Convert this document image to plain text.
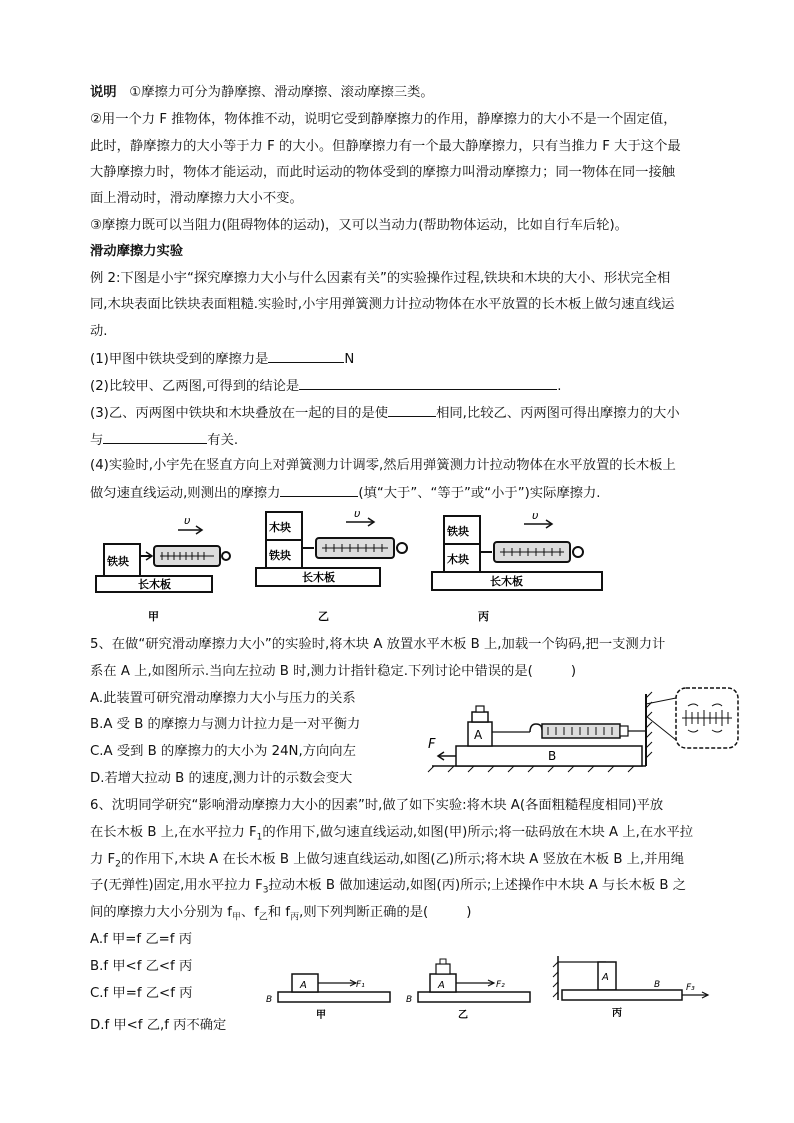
说明 ①摩擦力可分为静摩擦、滑动摩擦、滚动摩擦三类。
②用一个力 F 推物体，物体推不动，说明它受到静摩擦力的作用，静摩擦力的大小不是一个固定值，
此时，静摩擦力的大小等于力 F 的大小。但静摩擦力有一个最大静摩擦力，只有当推力 F 大于这个最
大静摩擦力时，物体才能运动，而此时运动的物体受到的摩擦力叫滑动摩擦力；同一物体在同一接触
面上滑动时，滑动摩擦力大小不变。
③摩擦力既可以当阻力(阻碍物体的运动)，又可以当动力(帮助物体运动，比如自行车后轮)。
滑动摩擦力实验
例 2:下图是小宇“探究摩擦力大小与什么因素有关”的实验操作过程,铁块和木块的大小、形状完全相
同,木块表面比铁块表面粗糙.实验时,小宇用弹簧测力计拉动物体在水平放置的长木板上做匀速直线运
动.
(1)甲图中铁块受到的摩擦力是	N
(2)比较甲、乙两图,可得到的结论是	.
(3)乙、丙两图中铁块和木块叠放在一起的目的是使	相同,比较乙、丙两图可得出摩擦力的大小
与	有关.
(4)实验时,小宇先在竖直方向上对弹簧测力计调零,然后用弹簧测力计拉动物体在水平放置的长木板上
做匀速直线运动,则测出的摩擦力	(填“大于”、“等于”或“小于”)实际摩擦力.
长木板
铁块
υ
甲
长木板
木块
铁块
υ
乙
长木板
铁块
木块
υ
丙
5、在做“研究滑动摩擦力大小”的实验时,将木块 A 放置水平木板 B 上,加载一个钩码,把一支测力计
系在 A 上,如图所示.当向左拉动 B 时,测力计指针稳定.下列讨论中错误的是(	)
A.此装置可研究滑动摩擦力大小与压力的关系
B.A 受 B 的摩擦力与测力计拉力是一对平衡力
C.A 受到 B 的摩擦力的大小为 24N,方向向左
D.若增大拉动 B 的速度,测力计的示数会变大
B
F
A
6、沈明同学研究“影响滑动摩擦力大小的因素”时,做了如下实验:将木块 A(各面粗糙程度相同)平放
在长木板 B 上,在水平拉力 $F_1$的作用下,做匀速直线运动,如图(甲)所示;将一砝码放在木块 A 上,在水平拉
力 $F_2$的作用下,木块 A 在长木板 B 上做匀速直线运动,如图(乙)所示;将木块 A 竖放在木板 B 上,并用绳
子(无弹性)固定,用水平拉力 $F_3$拉动木板 B 做加速运动,如图(丙)所示;上述操作中木块 A 与长木板 B 之
间的摩擦力大小分别为 $f_甲$、$f_乙$和 $f_丙$,则下列判断正确的是(	)
A.f 甲=f 乙=f 丙
B.f 甲<f 乙<f 丙
C.f 甲=f 乙<f 丙
D.f 甲<f 乙,f 丙不确定
B
A	F₁
甲
B
A	F₂
乙
A
B	F₃
丙
